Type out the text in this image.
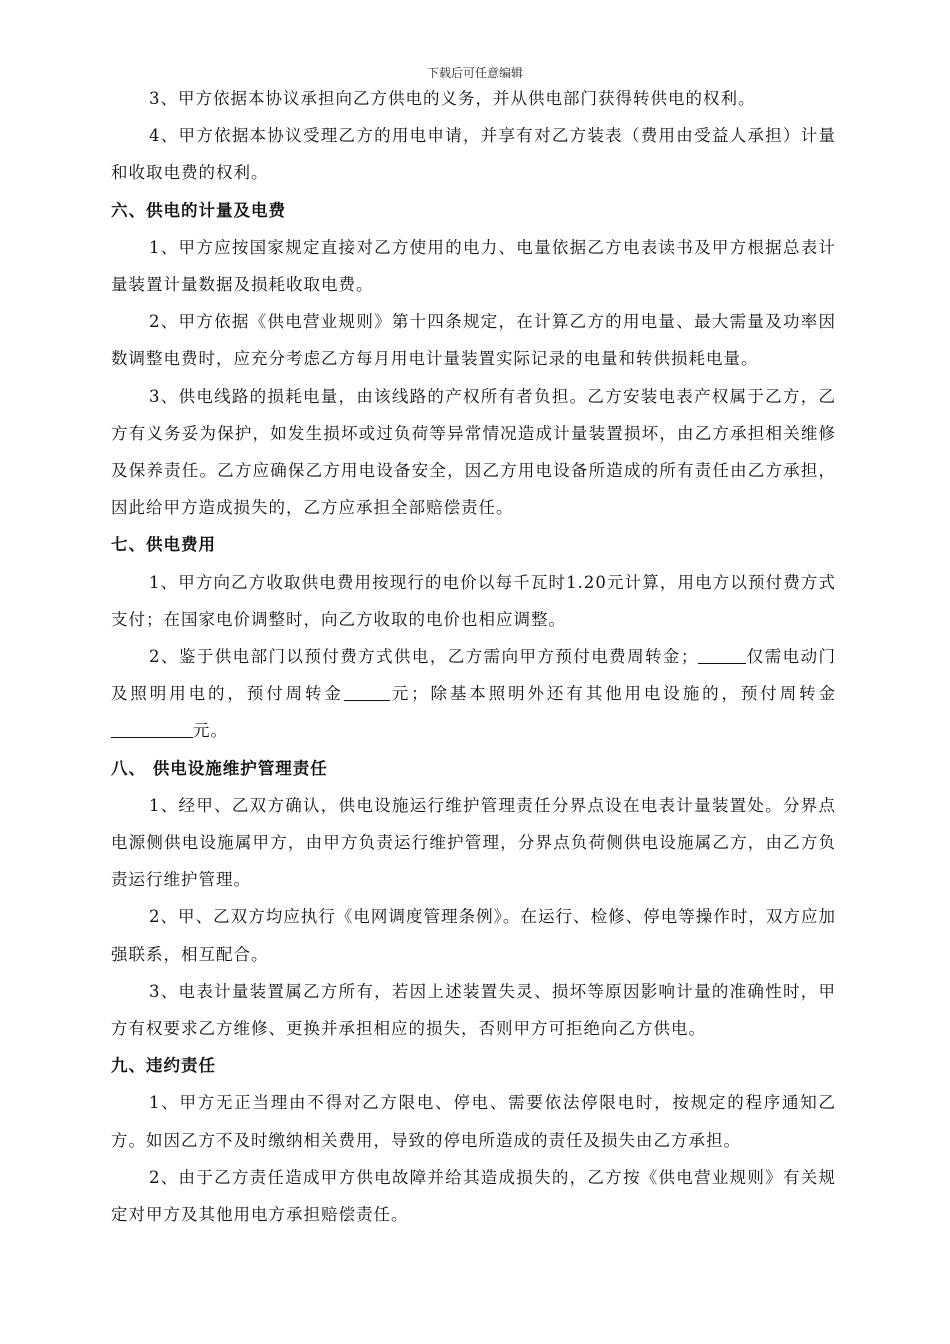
下载后可任意编辑

3、甲方依据本协议承担向乙方供电的义务，并从供电部门获得转供电的权利。

4、甲方依据本协议受理乙方的用电申请，并享有对乙方装表（费用由受益人承担）计量和收取电费的权利。

六、供电的计量及电费

1、甲方应按国家规定直接对乙方使用的电力、电量依据乙方电表读书及甲方根据总表计量装置计量数据及损耗收取电费。

2、甲方依据《供电营业规则》第十四条规定，在计算乙方的用电量、最大需量及功率因数调整电费时，应充分考虑乙方每月用电计量装置实际记录的电量和转供损耗电量。

3、供电线路的损耗电量，由该线路的产权所有者负担。乙方安装电表产权属于乙方，乙方有义务妥为保护，如发生损坏或过负荷等异常情况造成计量装置损坏，由乙方承担相关维修及保养责任。乙方应确保乙方用电设备安全，因乙方用电设备所造成的所有责任由乙方承担，因此给甲方造成损失的，乙方应承担全部赔偿责任。

七、供电费用

1、甲方向乙方收取供电费用按现行的电价以每千瓦时1.20元计算，用电方以预付费方式支付；在国家电价调整时，向乙方收取的电价也相应调整。

2、鉴于供电部门以预付费方式供电，乙方需向甲方预付电费周转金；	仅需电动门及照明用电的，预付周转金	元；除基本照明外还有其他用电设施的，预付周转金元。

八、 供电设施维护管理责任

1、经甲、乙双方确认，供电设施运行维护管理责任分界点设在电表计量装置处。分界点电源侧供电设施属甲方，由甲方负责运行维护管理，分界点负荷侧供电设施属乙方，由乙方负责运行维护管理。

2、甲、乙双方均应执行《电网调度管理条例》。在运行、检修、停电等操作时，双方应加强联系，相互配合。

3、电表计量装置属乙方所有，若因上述装置失灵、损坏等原因影响计量的准确性时，甲方有权要求乙方维修、更换并承担相应的损失，否则甲方可拒绝向乙方供电。

九、违约责任

1、甲方无正当理由不得对乙方限电、停电、需要依法停限电时，按规定的程序通知乙方。如因乙方不及时缴纳相关费用，导致的停电所造成的责任及损失由乙方承担。

2、由于乙方责任造成甲方供电故障并给其造成损失的，乙方按《供电营业规则》有关规定对甲方及其他用电方承担赔偿责任。
